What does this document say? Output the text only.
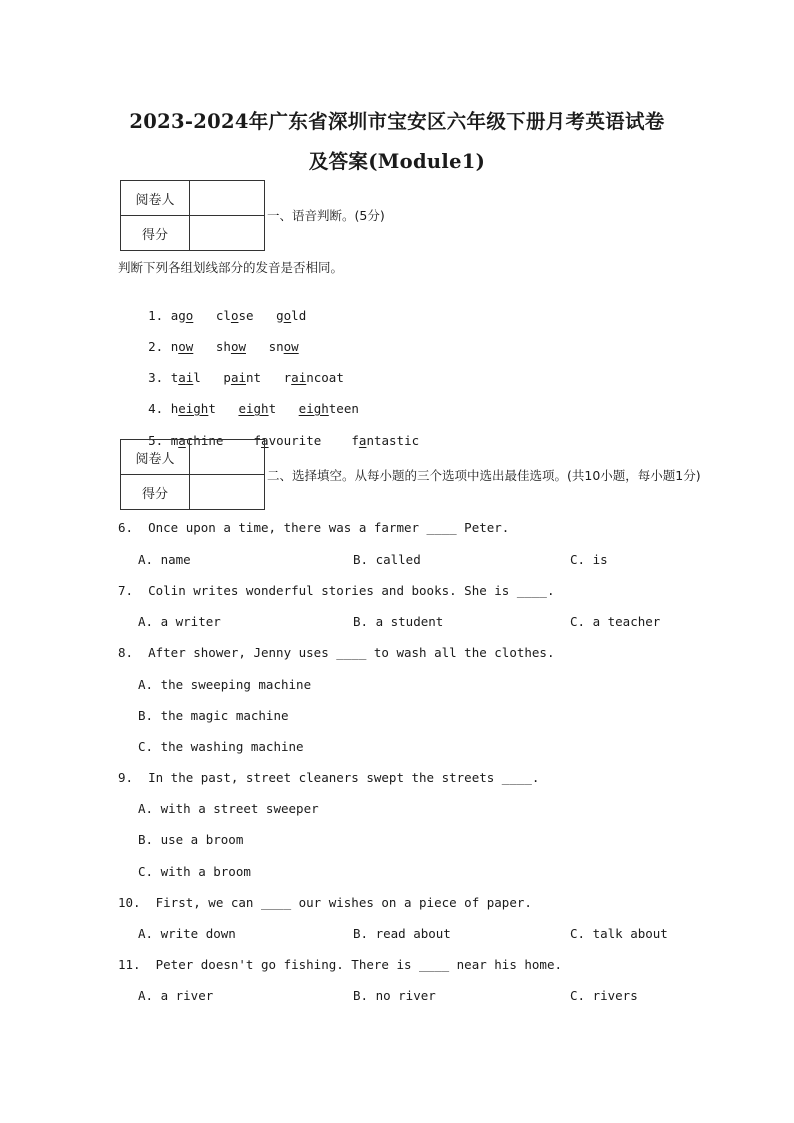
2023-2024年广东省深圳市宝安区六年级下册月考英语试卷
及答案(Module1)
阅卷人	
得分	
一、语音判断。(5分)
判断下列各组划线部分的发音是否相同。

1. ago close gold

2. now show snow

3. tail paint raincoat

4. height eight eighteen

5. machine favourite fantastic

阅卷人	
得分	
二、选择填空。从每小题的三个选项中选出最佳选项。(共10小题，每小题1分)
6.  Once upon a time, there was a farmer ____ Peter.
A. name	B. called	C. is
7.  Colin writes wonderful stories and books. She is ____.
A. a writer	B. a student	C. a teacher
8.  After shower, Jenny uses ____ to wash all the clothes.
A. the sweeping machine
B. the magic machine
C. the washing machine
9.  In the past, street cleaners swept the streets ____.
A. with a street sweeper
B. use a broom
C. with a broom
10.  First, we can ____ our wishes on a piece of paper.
A. write down	B. read about	C. talk about
11.  Peter doesn't go fishing. There is ____ near his home.
A. a river	B. no river	C. rivers
